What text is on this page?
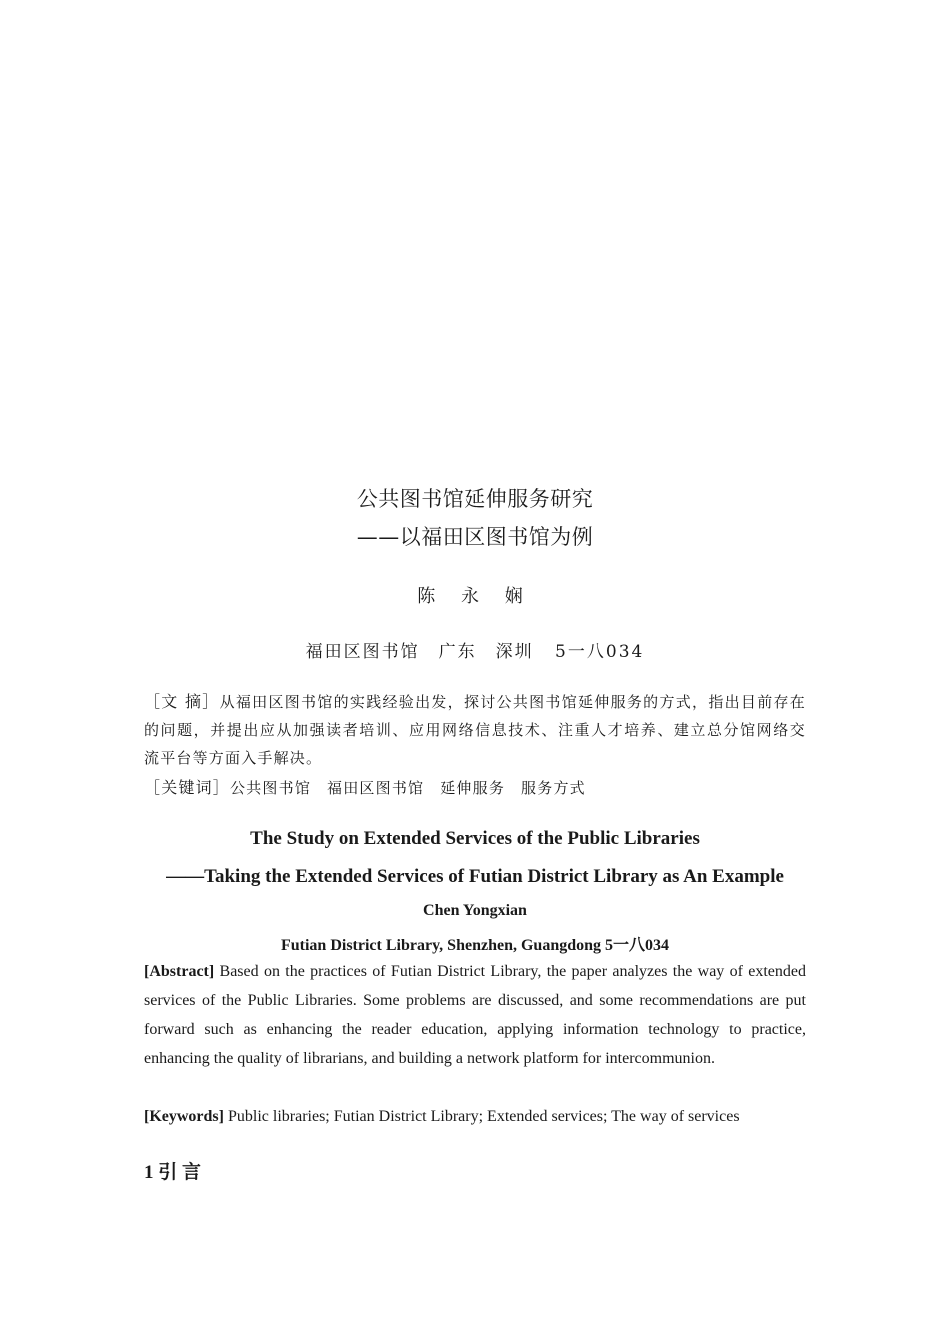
公共图书馆延伸服务研究
——以福田区图书馆为例
陈 永 娴
福田区图书馆　广东　深圳 5一八034
［文 摘］从福田区图书馆的实践经验出发，探讨公共图书馆延伸服务的方式，指出目前存在的问题，并提出应从加强读者培训、应用网络信息技术、注重人才培养、建立总分馆网络交流平台等方面入手解决。
［关键词］公共图书馆 福田区图书馆 延伸服务 服务方式
The Study on Extended Services of the Public Libraries
——Taking the Extended Services of Futian District Library as An Example
Chen Yongxian
Futian District Library, Shenzhen, Guangdong 5一八034
[Abstract] Based on the practices of Futian District Library, the paper analyzes the way of extended services of the Public Libraries. Some problems are discussed, and some recommendations are put forward such as enhancing the reader education, applying information technology to practice, enhancing the quality of librarians, and building a network platform for intercommunion.
[Keywords] Public libraries; Futian District Library; Extended services; The way of services
1 引 言
